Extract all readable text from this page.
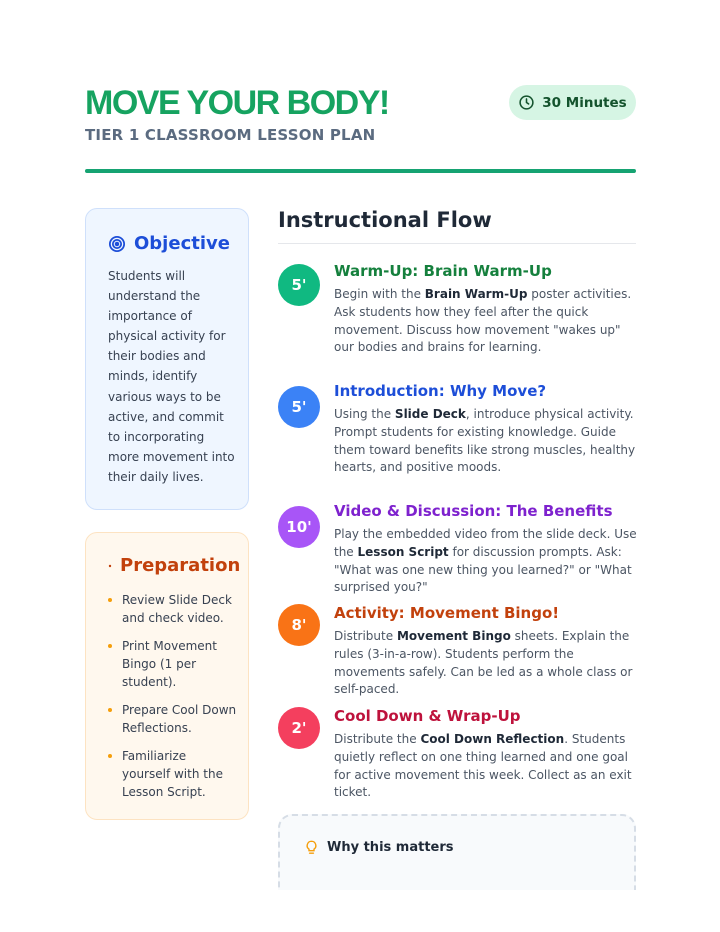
MOVE YOUR BODY!
TIER 1 CLASSROOM LESSON PLAN
30 Minutes
Objective
Students will understand the importance of physical activity for their bodies and minds, identify various ways to be active, and commit to incorporating more movement into their daily lives.
Preparation
Review Slide Deck and check video.
Print Movement Bingo (1 per student).
Prepare Cool Down Reflections.
Familiarize yourself with the Lesson Script.
Instructional Flow
5'
Warm-Up: Brain Warm-Up
Begin with the Brain Warm-Up poster activities. Ask students how they feel after the quick movement. Discuss how movement "wakes up" our bodies and brains for learning.
5'
Introduction: Why Move?
Using the Slide Deck, introduce physical activity. Prompt students for existing knowledge. Guide them toward benefits like strong muscles, healthy hearts, and positive moods.
10'
Video & Discussion: The Benefits
Play the embedded video from the slide deck. Use the Lesson Script for discussion prompts. Ask: "What was one new thing you learned?" or "What surprised you?"
8'
Activity: Movement Bingo!
Distribute Movement Bingo sheets. Explain the rules (3-in-a-row). Students perform the movements safely. Can be led as a whole class or self-paced.
2'
Cool Down & Wrap-Up
Distribute the Cool Down Reflection. Students quietly reflect on one thing learned and one goal for active movement this week. Collect as an exit ticket.
Why this matters
